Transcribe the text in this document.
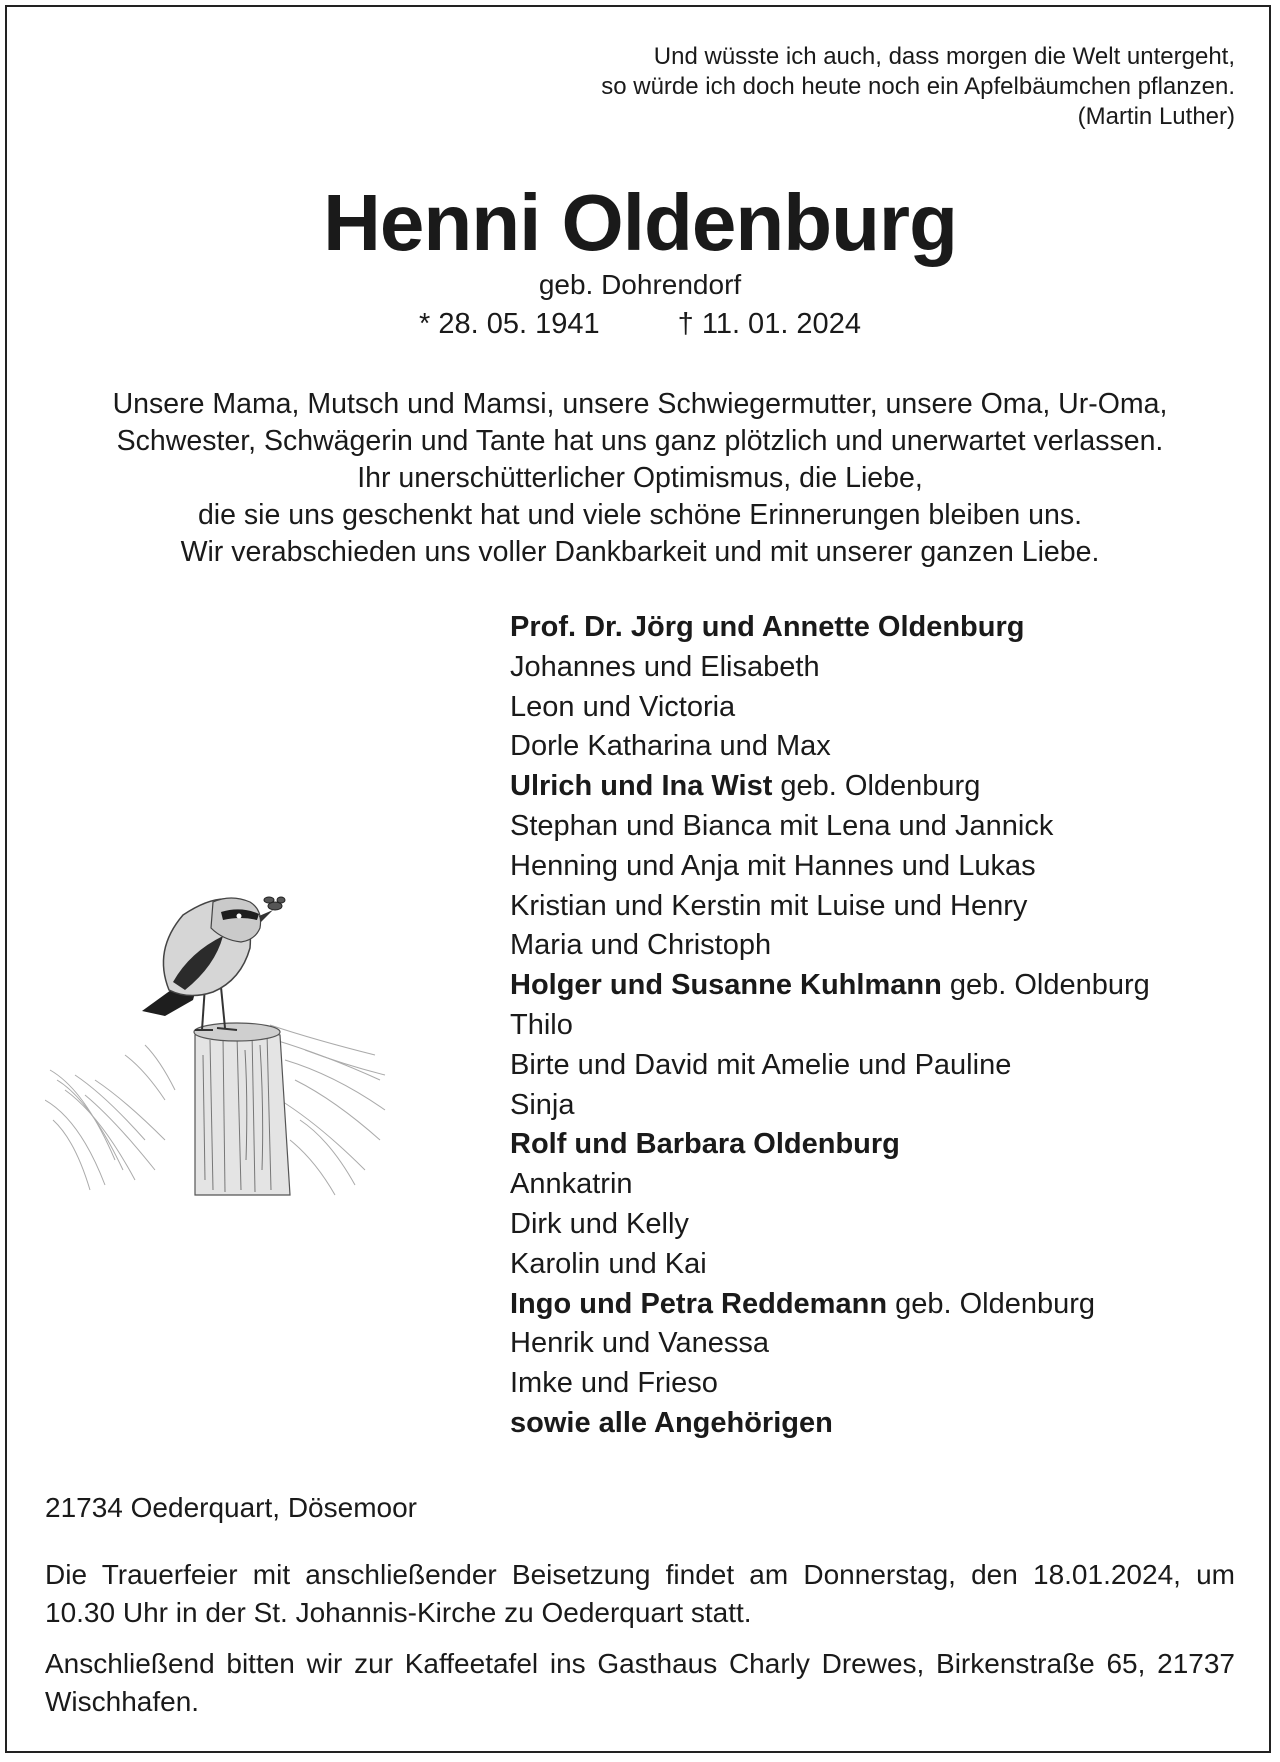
Und wüsste ich auch, dass morgen die Welt untergeht,
so würde ich doch heute noch ein Apfelbäumchen pflanzen.
(Martin Luther)
Henni Oldenburg
geb. Dohrendorf
* 28. 05. 1941	† 11. 01. 2024
Unsere Mama, Mutsch und Mamsi, unsere Schwiegermutter, unsere Oma, Ur-Oma,
Schwester, Schwägerin und Tante hat uns ganz plötzlich und unerwartet verlassen.
Ihr unerschütterlicher Optimismus, die Liebe,
die sie uns geschenkt hat und viele schöne Erinnerungen bleiben uns.
Wir verabschieden uns voller Dankbarkeit und mit unserer ganzen Liebe.
Prof. Dr. Jörg und Annette Oldenburg
Johannes und Elisabeth
Leon und Victoria
Dorle Katharina und Max
Ulrich und Ina Wist geb. Oldenburg
Stephan und Bianca mit Lena und Jannick
Henning und Anja mit Hannes und Lukas
Kristian und Kerstin mit Luise und Henry
Maria und Christoph
Holger und Susanne Kuhlmann geb. Oldenburg
Thilo
Birte und David mit Amelie und Pauline
Sinja
Rolf und Barbara Oldenburg
Annkatrin
Dirk und Kelly
Karolin und Kai
Ingo und Petra Reddemann geb. Oldenburg
Henrik und Vanessa
Imke und Frieso
sowie alle Angehörigen
21734 Oederquart, Dösemoor
Die Trauerfeier mit anschließender Beisetzung findet am Donnerstag, den 18.01.2024, um 10.30 Uhr in der St. Johannis-Kirche zu Oederquart statt.
Anschließend bitten wir zur Kaffeetafel ins Gasthaus Charly Drewes, Birkenstraße 65, 21737 Wischhafen.
